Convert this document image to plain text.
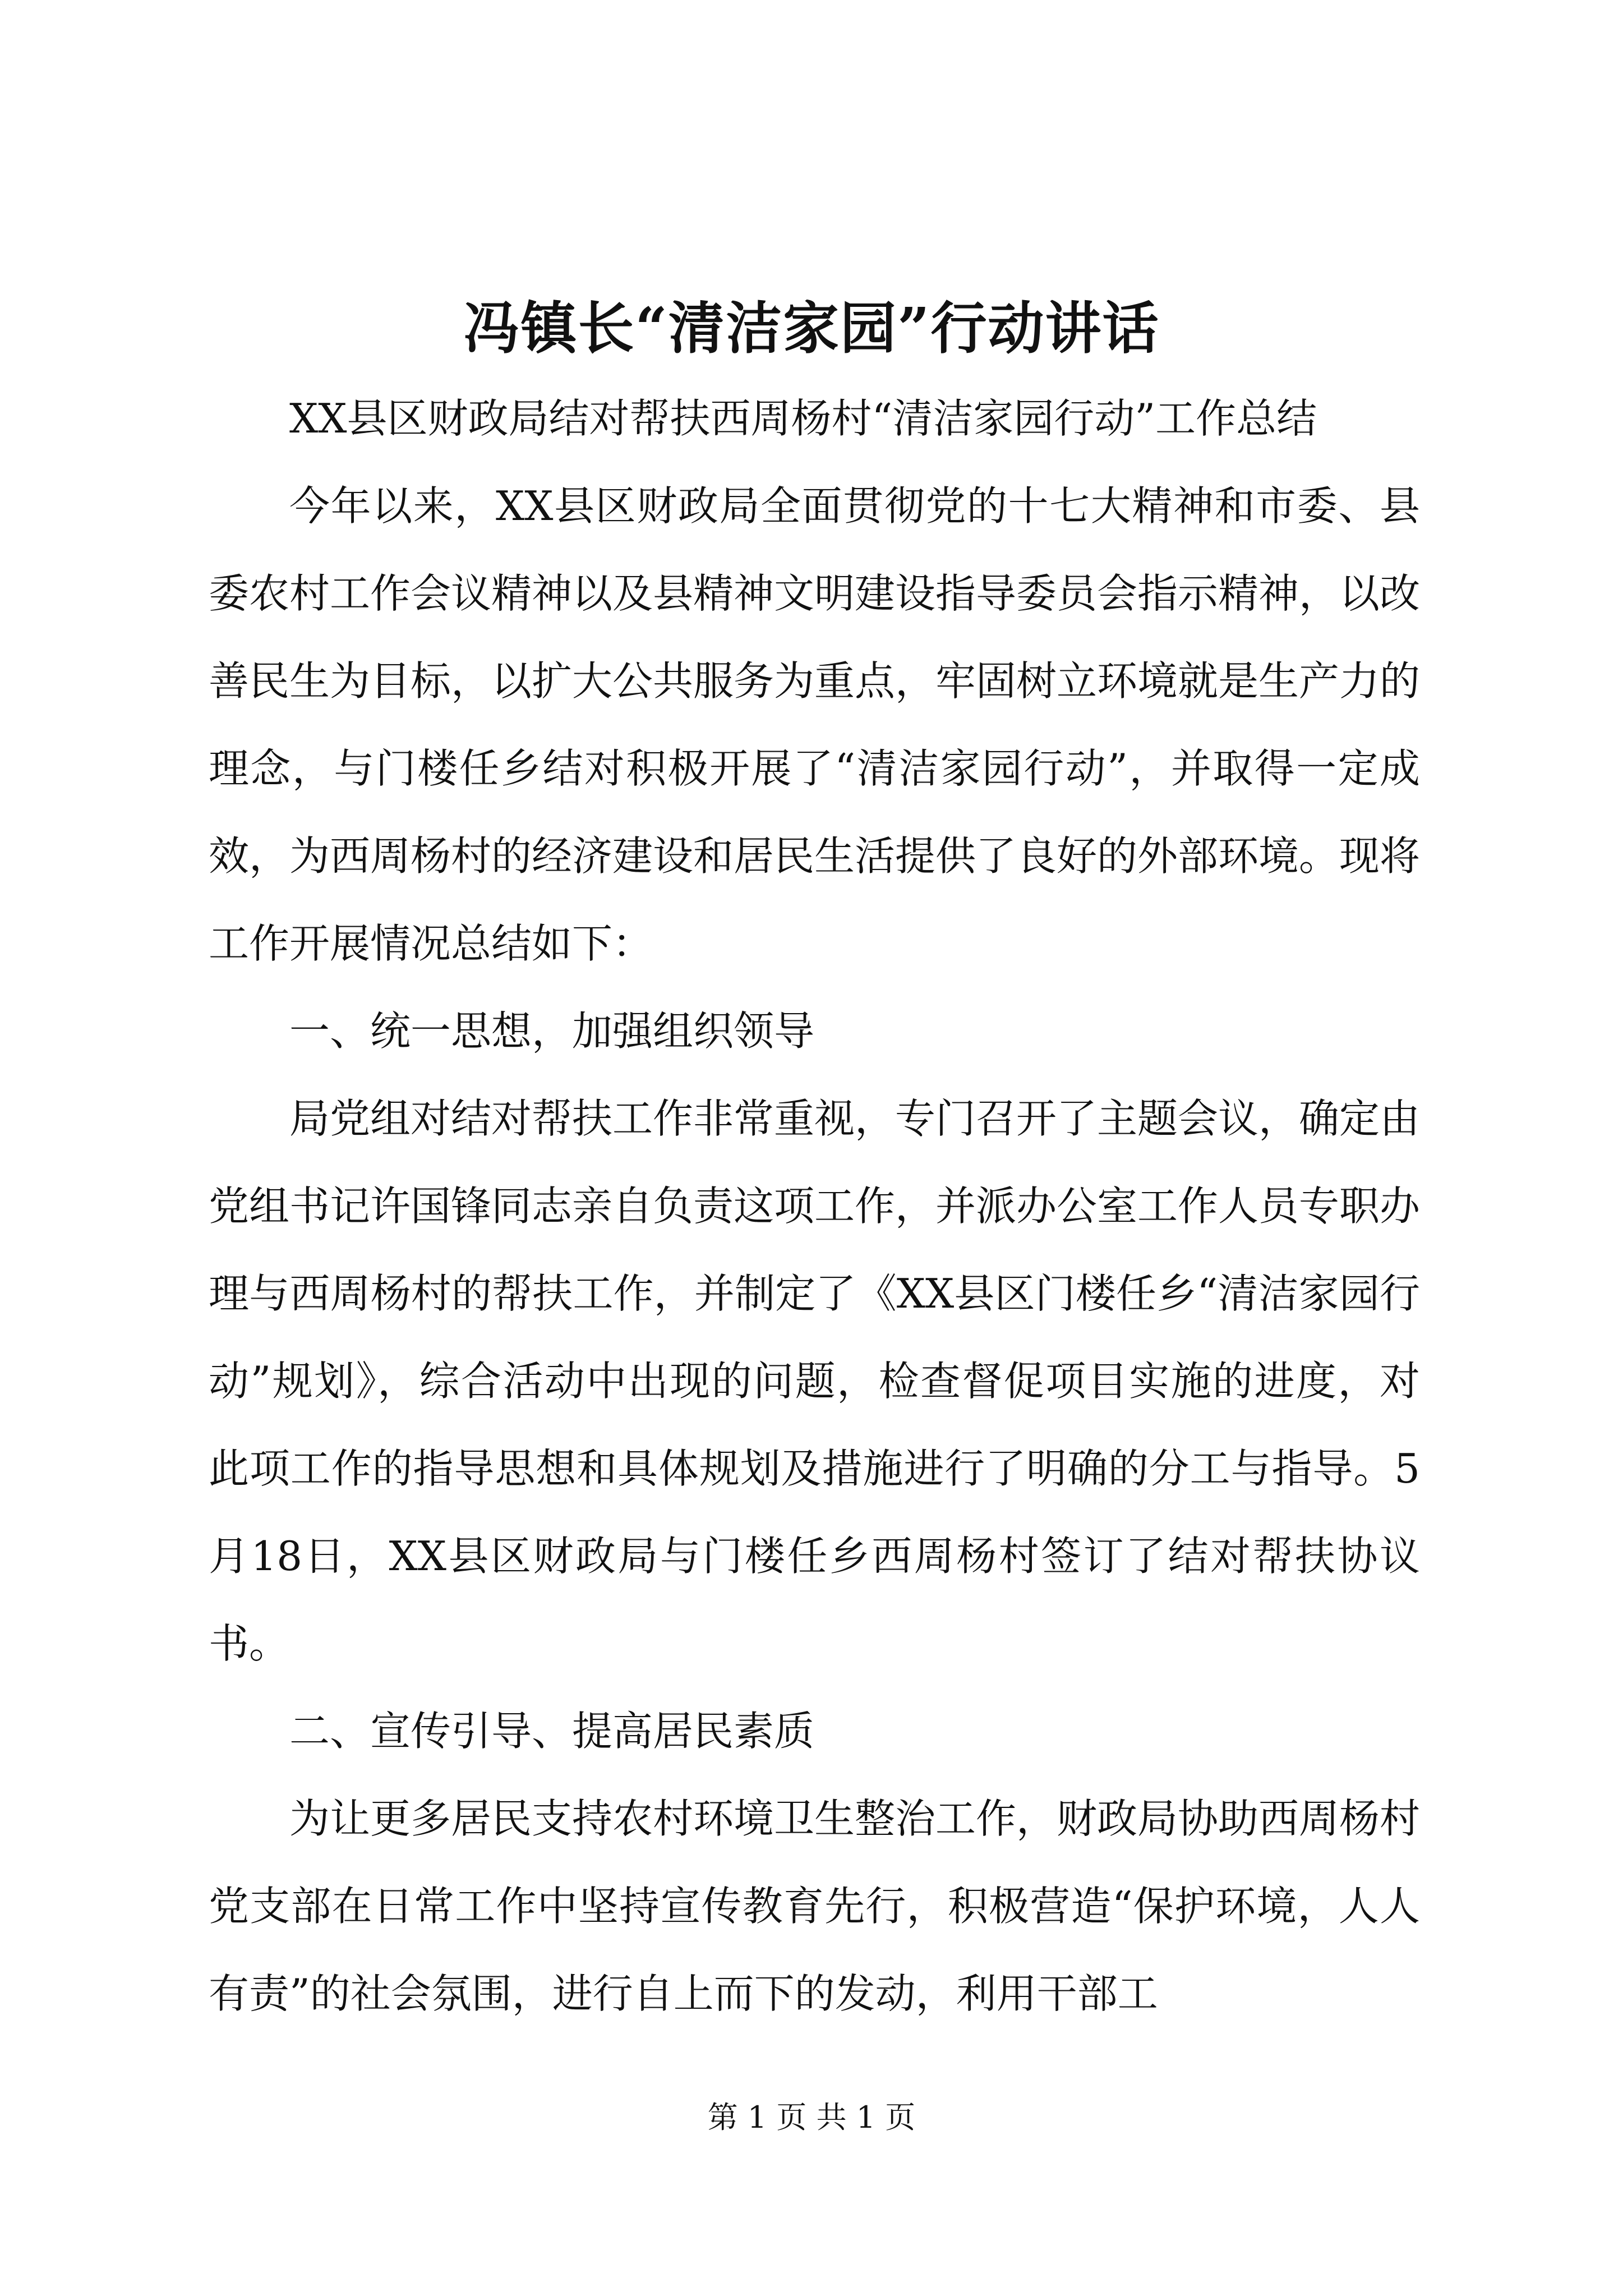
冯镇长“清洁家园”行动讲话

XX县区财政局结对帮扶西周杨村“清洁家园行动”工作总结

今年以来，XX县区财政局全面贯彻党的十七大精神和市委、县委农村工作会议精神以及县精神文明建设指导委员会指示精神，以改善民生为目标，以扩大公共服务为重点，牢固树立环境就是生产力的理念，与门楼任乡结对积极开展了“清洁家园行动”，并取得一定成效，为西周杨村的经济建设和居民生活提供了良好的外部环境。现将工作开展情况总结如下：

一、统一思想，加强组织领导

局党组对结对帮扶工作非常重视，专门召开了主题会议，确定由党组书记许国锋同志亲自负责这项工作，并派办公室工作人员专职办理与西周杨村的帮扶工作，并制定了《XX县区门楼任乡“清洁家园行动”规划》，综合活动中出现的问题，检查督促项目实施的进度，对此项工作的指导思想和具体规划及措施进行了明确的分工与指导。5月18日，XX县区财政局与门楼任乡西周杨村签订了结对帮扶协议书。

二、宣传引导、提高居民素质

为让更多居民支持农村环境卫生整治工作，财政局协助西周杨村党支部在日常工作中坚持宣传教育先行，积极营造“保护环境，人人有责”的社会氛围，进行自上而下的发动，利用干部工

第 1 页 共 1 页
